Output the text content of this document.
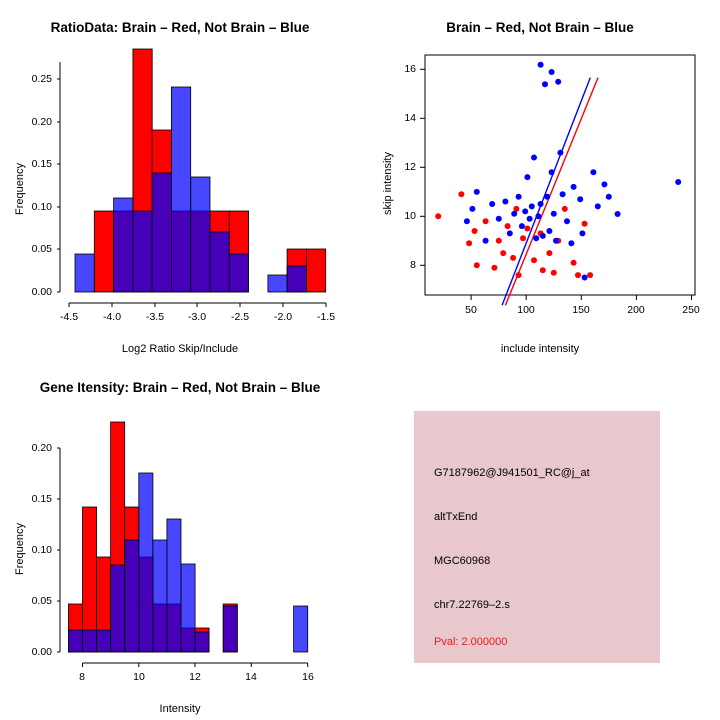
RatioData: Brain – Red, Not Brain – Blue
Frequency
Log2 Ratio Skip/Include
0.00
0.05
0.10
0.15
0.20
0.25
-4.5	-4.0	-3.5	-3.0	-2.5	-2.0	-1.5
Brain – Red, Not Brain – Blue
skip intensity
include intensity
8
10
12
14
16
50	100	150	200	250
Gene Itensity: Brain – Red, Not Brain – Blue
Frequency
Intensity
0.00
0.05
0.10
0.15
0.20
8	10	12	14	16
G7187962@J941501_RC@j_at
altTxEnd
MGC60968
chr7.22769–2.s
Pval: 2.000000
